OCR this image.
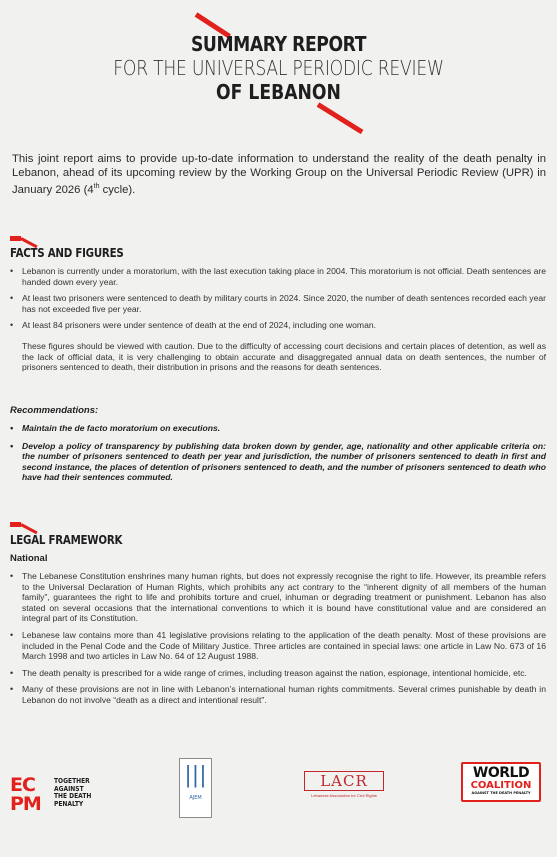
SUMMARY REPORT
FOR THE UNIVERSAL PERIODIC REVIEW
OF LEBANON

This joint report aims to provide up-to-date information to understand the reality of the death penalty in Lebanon, ahead of its upcoming review by the Working Group on the Universal Periodic Review (UPR) in January 2026 (4th cycle).

FACTS AND FIGURES
• Lebanon is currently under a moratorium, with the last execution taking place in 2004. This moratorium is not official. Death sentences are handed down every year.
• At least two prisoners were sentenced to death by military courts in 2024. Since 2020, the number of death sentences recorded each year has not exceeded five per year.
• At least 84 prisoners were under sentence of death at the end of 2024, including one woman.

These figures should be viewed with caution. Due to the difficulty of accessing court decisions and certain places of detention, as well as the lack of official data, it is very challenging to obtain accurate and disaggregated annual data on death sentences, the number of prisoners sentenced to death, their distribution in prisons and the reasons for death sentences.

Recommendations:
• Maintain the de facto moratorium on executions.
• Develop a policy of transparency by publishing data broken down by gender, age, nationality and other applicable criteria on: the number of prisoners sentenced to death per year and jurisdiction, the number of prisoners sentenced to death in first and second instance, the places of detention of prisoners sentenced to death, and the number of prisoners sentenced to death who have had their sentences commuted.
LEGAL FRAMEWORK
National
• The Lebanese Constitution enshrines many human rights, but does not expressly recognise the right to life. However, its preamble refers to the Universal Declaration of Human Rights, which prohibits any act contrary to the “inherent dignity of all members of the human family”, guarantees the right to life and prohibits torture and cruel, inhuman or degrading treatment or punishment. Lebanon has also stated on several occasions that the international conventions to which it is bound have constitutional value and are considered an integral part of its Constitution.
• Lebanese law contains more than 41 legislative provisions relating to the application of the death penalty. Most of these provisions are included in the Penal Code and the Code of Military Justice. Three articles are contained in special laws: one article in Law No. 673 of 16 March 1998 and two articles in Law No. 64 of 12 August 1988.
• The death penalty is prescribed for a wide range of crimes, including treason against the nation, espionage, intentional homicide, etc.
• Many of these provisions are not in line with Lebanon’s international human rights commitments. Several crimes punishable by death in Lebanon do not involve “death as a direct and intentional result”.
EC
PM
TOGETHER
AGAINST
THE DEATH
PENALTY
|||
AJEM
LACR
Lebanese Association for Civil Rights
WORLD
COALITION
AGAINST THE DEATH PENALTY
